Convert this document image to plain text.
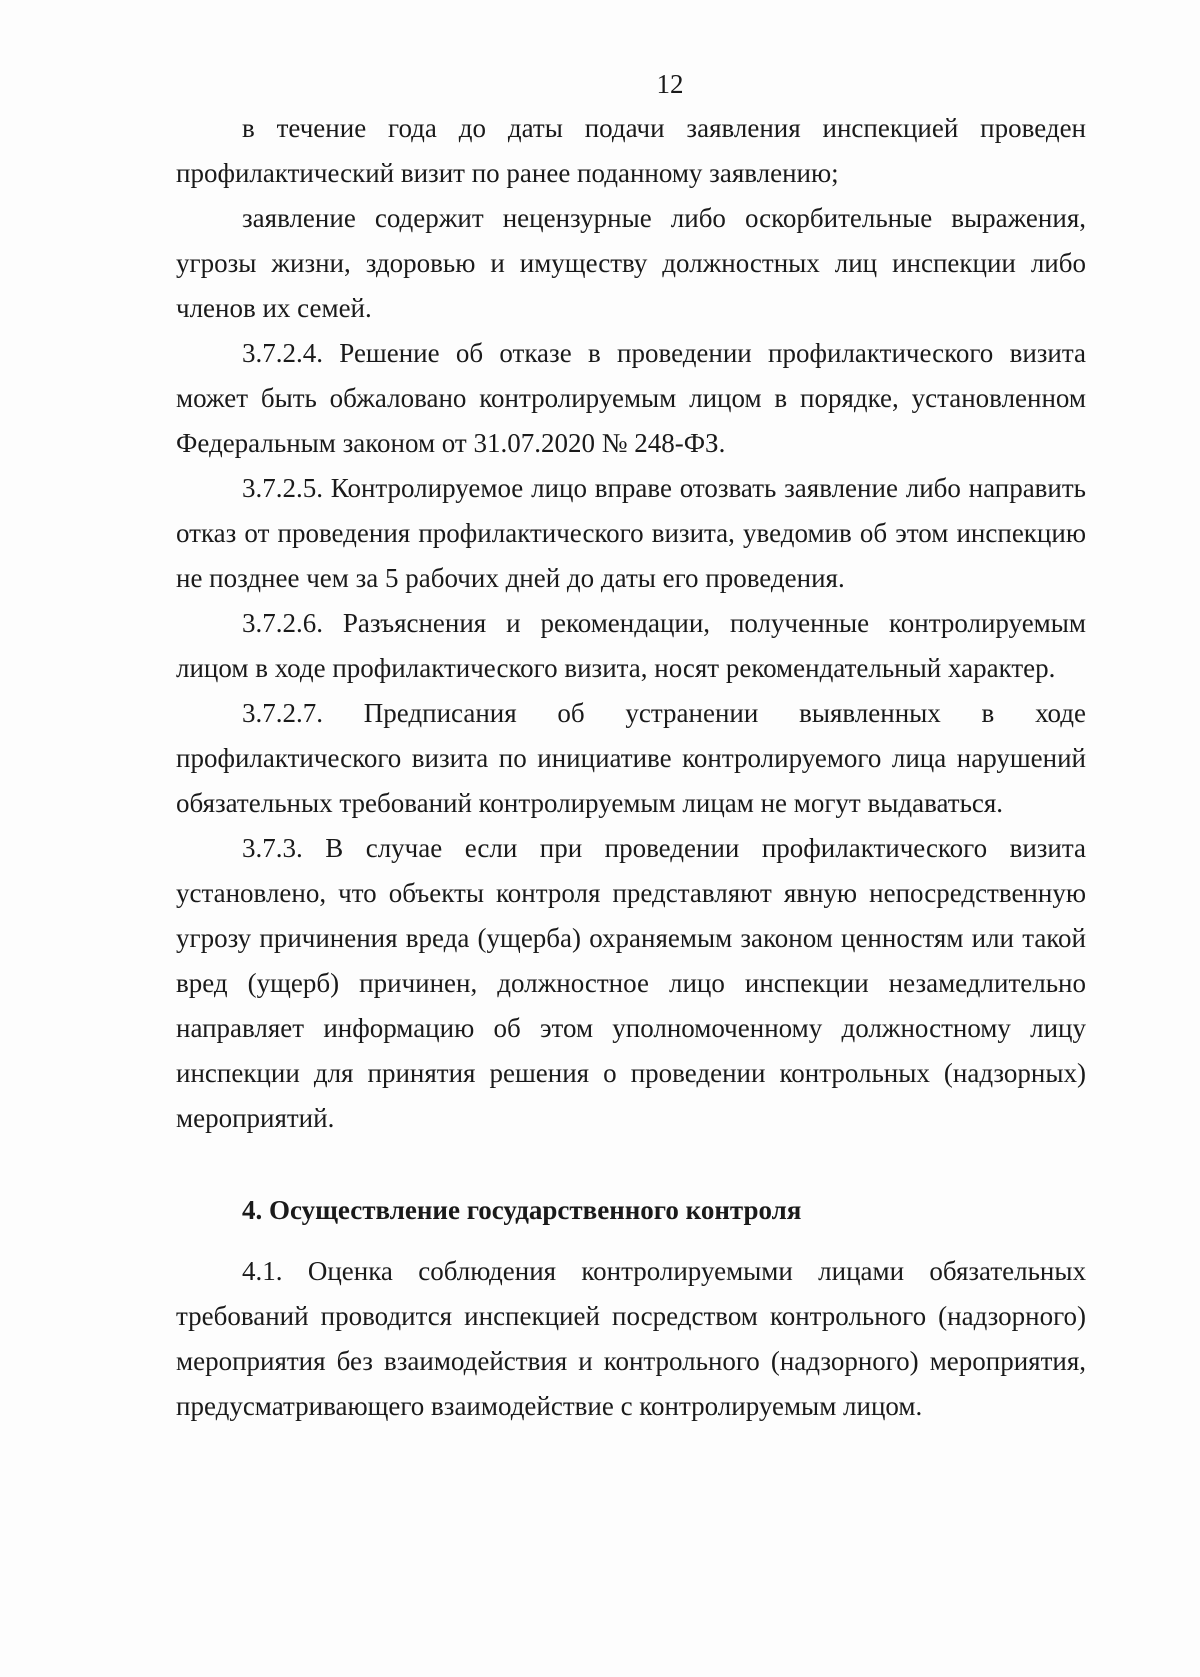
12

в течение года до даты подачи заявления инспекцией проведен профилактический визит по ранее поданному заявлению;

заявление содержит нецензурные либо оскорбительные выражения, угрозы жизни, здоровью и имуществу должностных лиц инспекции либо членов их семей.

3.7.2.4. Решение об отказе в проведении профилактического визита может быть обжаловано контролируемым лицом в порядке, установленном Федеральным законом от 31.07.2020 № 248-ФЗ.

3.7.2.5. Контролируемое лицо вправе отозвать заявление либо направить отказ от проведения профилактического визита, уведомив об этом инспекцию не позднее чем за 5 рабочих дней до даты его проведения.

3.7.2.6. Разъяснения и рекомендации, полученные контролируемым лицом в ходе профилактического визита, носят рекомендательный характер.

3.7.2.7. Предписания об устранении выявленных в ходе профилактического визита по инициативе контролируемого лица нарушений обязательных требований контролируемым лицам не могут выдаваться.

3.7.3. В случае если при проведении профилактического визита установлено, что объекты контроля представляют явную непосредственную угрозу причинения вреда (ущерба) охраняемым законом ценностям или такой вред (ущерб) причинен, должностное лицо инспекции незамедлительно направляет информацию об этом уполномоченному должностному лицу инспекции для принятия решения о проведении контрольных (надзорных) мероприятий.

4. Осуществление государственного контроля

4.1. Оценка соблюдения контролируемыми лицами обязательных требований проводится инспекцией посредством контрольного (надзорного) мероприятия без взаимодействия и контрольного (надзорного) мероприятия, предусматривающего взаимодействие с контролируемым лицом.
